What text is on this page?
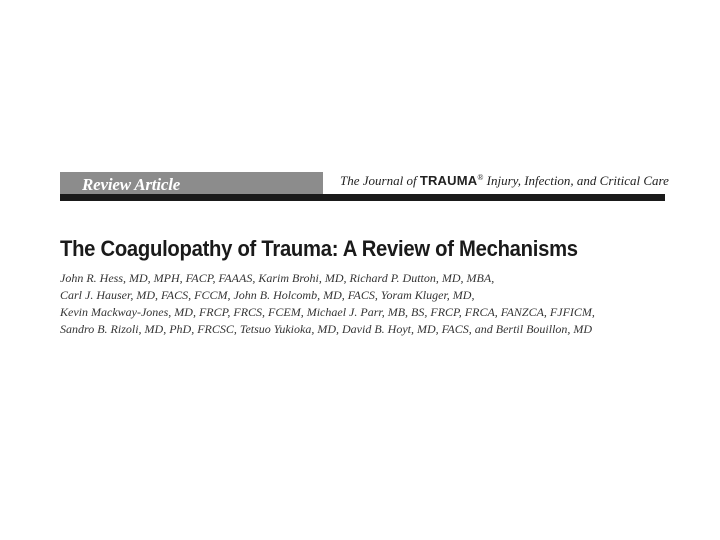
Review Article	The Journal of TRAUMA® Injury, Infection, and Critical Care
The Coagulopathy of Trauma: A Review of Mechanisms
John R. Hess, MD, MPH, FACP, FAAAS, Karim Brohi, MD, Richard P. Dutton, MD, MBA,
Carl J. Hauser, MD, FACS, FCCM, John B. Holcomb, MD, FACS, Yoram Kluger, MD,
Kevin Mackway-Jones, MD, FRCP, FRCS, FCEM, Michael J. Parr, MB, BS, FRCP, FRCA, FANZCA, FJFICM,
Sandro B. Rizoli, MD, PhD, FRCSC, Tetsuo Yukioka, MD, David B. Hoyt, MD, FACS, and Bertil Bouillon, MD
